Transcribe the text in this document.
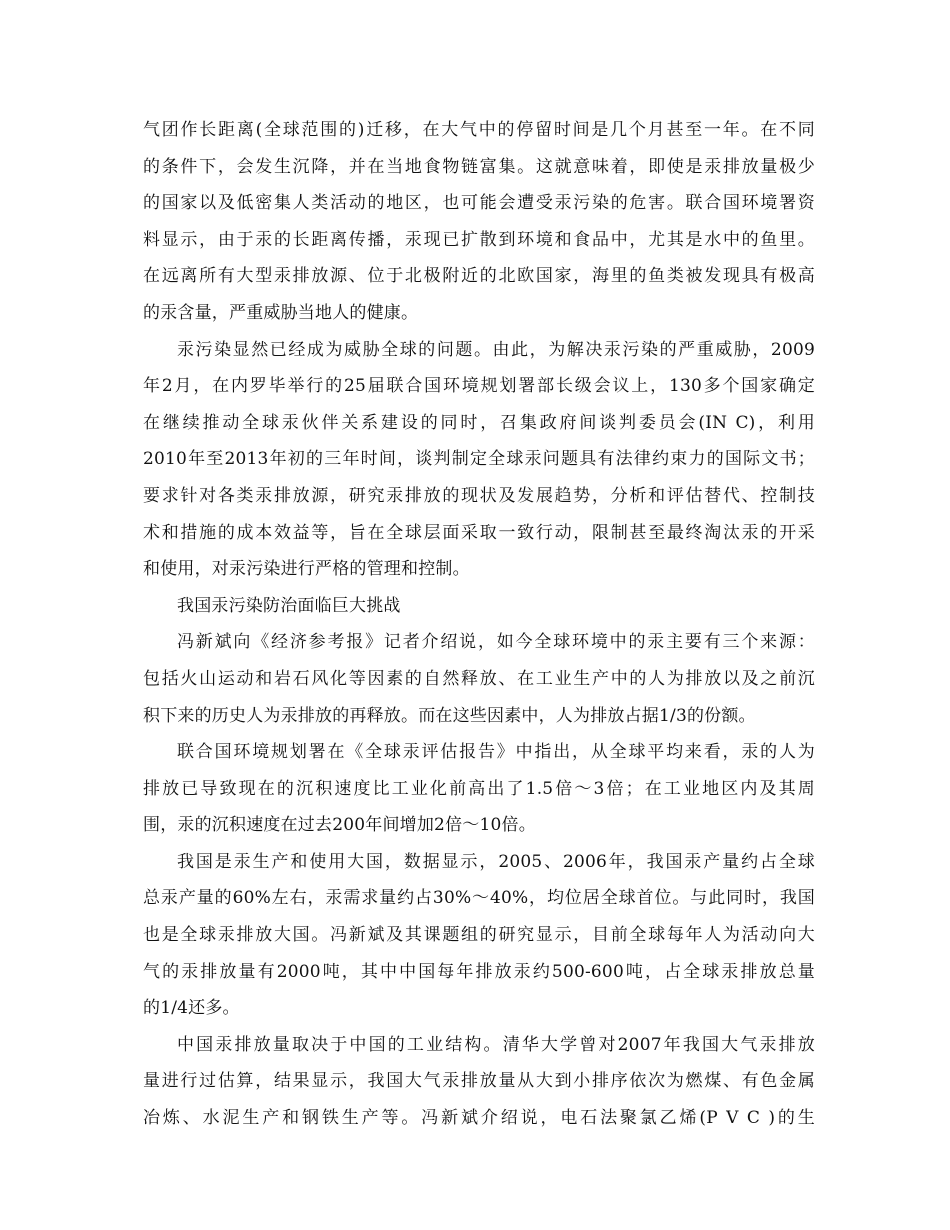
气团作长距离(全球范围的)迁移，在大气中的停留时间是几个月甚至一年。在不同
的条件下，会发生沉降，并在当地食物链富集。这就意味着，即使是汞排放量极少
的国家以及低密集人类活动的地区，也可能会遭受汞污染的危害。联合国环境署资
料显示，由于汞的长距离传播，汞现已扩散到环境和食品中，尤其是水中的鱼里。
在远离所有大型汞排放源、位于北极附近的北欧国家，海里的鱼类被发现具有极高
的汞含量，严重威胁当地人的健康。
汞污染显然已经成为威胁全球的问题。由此，为解决汞污染的严重威胁，2009
年2月，在内罗毕举行的25届联合国环境规划署部长级会议上，130多个国家确定
在继续推动全球汞伙伴关系建设的同时，召集政府间谈判委员会(IN C)，利用
2010年至2013年初的三年时间，谈判制定全球汞问题具有法律约束力的国际文书；
要求针对各类汞排放源，研究汞排放的现状及发展趋势，分析和评估替代、控制技
术和措施的成本效益等，旨在全球层面采取一致行动，限制甚至最终淘汰汞的开采
和使用，对汞污染进行严格的管理和控制。
我国汞污染防治面临巨大挑战
冯新斌向《经济参考报》记者介绍说，如今全球环境中的汞主要有三个来源：
包括火山运动和岩石风化等因素的自然释放、在工业生产中的人为排放以及之前沉
积下来的历史人为汞排放的再释放。而在这些因素中，人为排放占据1/3的份额。
联合国环境规划署在《全球汞评估报告》中指出，从全球平均来看，汞的人为
排放已导致现在的沉积速度比工业化前高出了1.5倍～3倍；在工业地区内及其周
围，汞的沉积速度在过去200年间增加2倍～10倍。
我国是汞生产和使用大国，数据显示，2005、2006年，我国汞产量约占全球
总汞产量的60%左右，汞需求量约占30%～40%，均位居全球首位。与此同时，我国
也是全球汞排放大国。冯新斌及其课题组的研究显示，目前全球每年人为活动向大
气的汞排放量有2000吨，其中中国每年排放汞约500-600吨，占全球汞排放总量
的1/4还多。
中国汞排放量取决于中国的工业结构。清华大学曾对2007年我国大气汞排放
量进行过估算，结果显示，我国大气汞排放量从大到小排序依次为燃煤、有色金属
冶炼、水泥生产和钢铁生产等。冯新斌介绍说，电石法聚氯乙烯(P V C )的生
